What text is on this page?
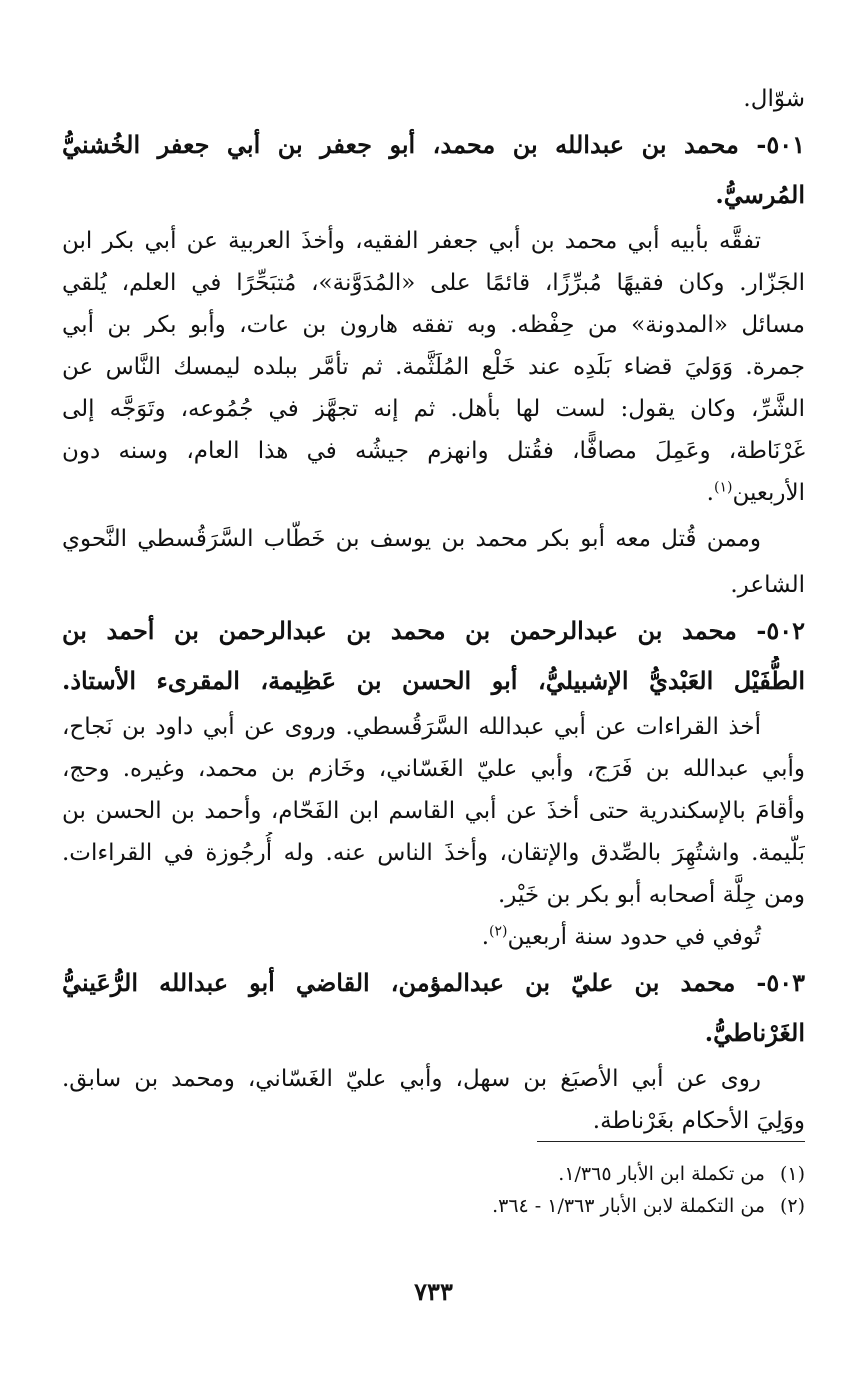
شوّال.
٥٠١- محمد بن عبدالله بن محمد، أبو جعفر بن أبي جعفر الخُشنيُّ
المُرسيُّ.
تفقَّه بأبيه أبي محمد بن أبي جعفر الفقيه، وأخذَ العربية عن أبي بكر ابن
الجَزّار. وكان فقيهًا مُبرِّزًا، قائمًا على «المُدَوَّنة»، مُتبَحِّرًا في العلم، يُلقي
مسائل «المدونة» من حِفْظه. وبه تفقه هارون بن عات، وأبو بكر بن أبي
جمرة. وَوَليَ قضاء بَلَدِه عند خَلْع المُلَثَّمة. ثم تأمَّر ببلده ليمسك النَّاس عن
الشَّرِّ، وكان يقول: لست لها بأهل. ثم إنه تجهَّز في جُمُوعه، وتَوَجَّه إلى
غَرْنَاطة، وعَمِلَ مصافًّا، فقُتل وانهزم جيشُه في هذا العام، وسنه دون
الأربعين$^{(١)}$.
وممن قُتل معه أبو بكر محمد بن يوسف بن خَطّاب السَّرَقُسطي النَّحوي
الشاعر.
٥٠٢- محمد بن عبدالرحمن بن محمد بن عبدالرحمن بن أحمد بن
الطُّفَيْل العَبْديُّ الإشبيليُّ، أبو الحسن بن عَظِيمة، المقرىء الأستاذ.
أخذ القراءات عن أبي عبدالله السَّرَقُسطي. وروى عن أبي داود بن نَجاح،
وأبي عبدالله بن فَرَج، وأبي عليّ الغَسّاني، وخَازم بن محمد، وغيره. وحج،
وأقامَ بالإسكندرية حتى أخذَ عن أبي القاسم ابن الفَحّام، وأحمد بن الحسن بن
بَلّيمة. واشتُهِرَ بالصِّدق والإتقان، وأخذَ الناس عنه. وله أُرجُوزة في القراءات.
ومن جِلَّة أصحابه أبو بكر بن خَيْر.
تُوفي في حدود سنة أربعين$^{(٢)}$.
٥٠٣- محمد بن عليّ بن عبدالمؤمن، القاضي أبو عبدالله الرُّعَينيُّ
الغَرْناطيُّ.
روى عن أبي الأصبَغ بن سهل، وأبي عليّ الغَسّاني، ومحمد بن سابق.
ووَلِيَ الأحكام بغَرْناطة.
(١)من تكملة ابن الأبار ١/٣٦٥.
(٢)من التكملة لابن الأبار ١/٣٦٣ - ٣٦٤.
٧٣٣
